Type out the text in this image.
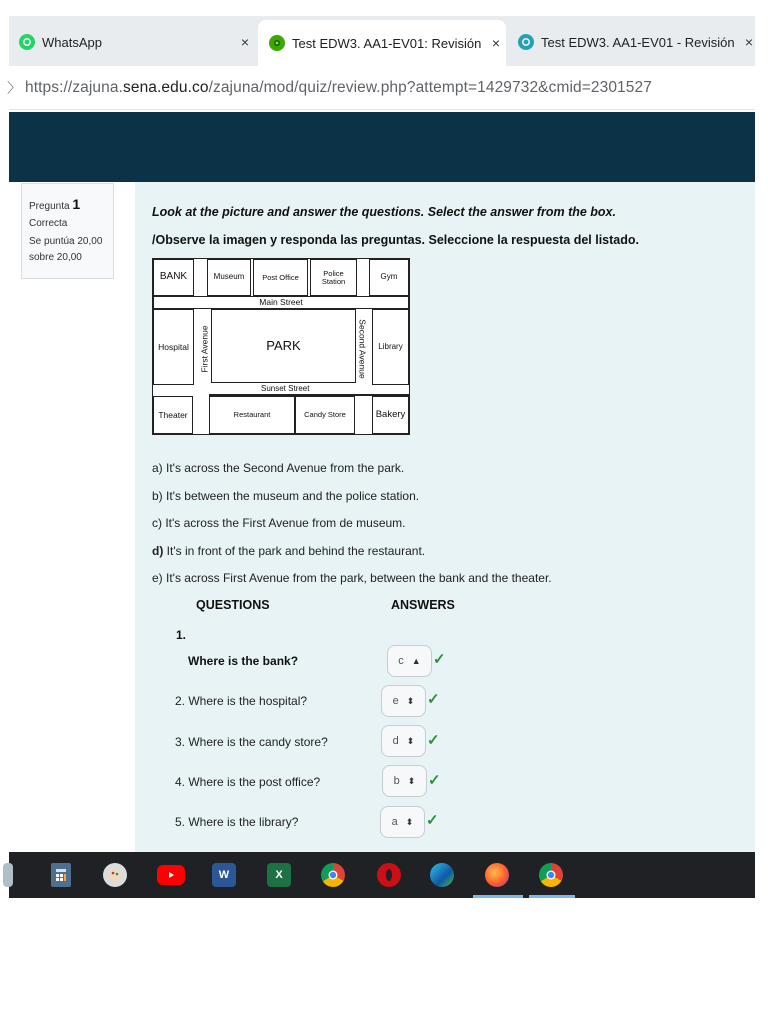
WhatsApp	×	Test EDW3. AA1-EV01: Revisión ×	Test EDW3. AA1-EV01 - Revisión ×
〉 https://zajuna.sena.edu.co/zajuna/mod/quiz/review.php?attempt=1429732&cmid=2301527
Pregunta 1
Correcta
Se puntúa 20,00 sobre 20,00
Look at the picture and answer the questions. Select the answer from the box.
/Observe la imagen y responda las preguntas. Seleccione la respuesta del listado.
BANK	Museum	Post Office	Police Station	Gym
Main Street
Hospital	First Avenue	PARK	Second Avenue	Library
Sunset Street
Theater	Restaurant	Candy Store	Bakery
a) It's across the Second Avenue from the park.
b) It's between the museum and the police station.
c) It's across the First Avenue from de museum.
d) It's in front of the park and behind the restaurant.
e) It's across First Avenue from the park, between the bank and the theater.
QUESTIONS	ANSWERS
1.
Where is the bank?	c ▲ ✓
2. Where is the hospital?	e ⬍ ✓
3. Where is the candy store?	d ⬍ ✓
4. Where is the post office?	b ⬍ ✓
5. Where is the library?	a ⬍ ✓
W	X
